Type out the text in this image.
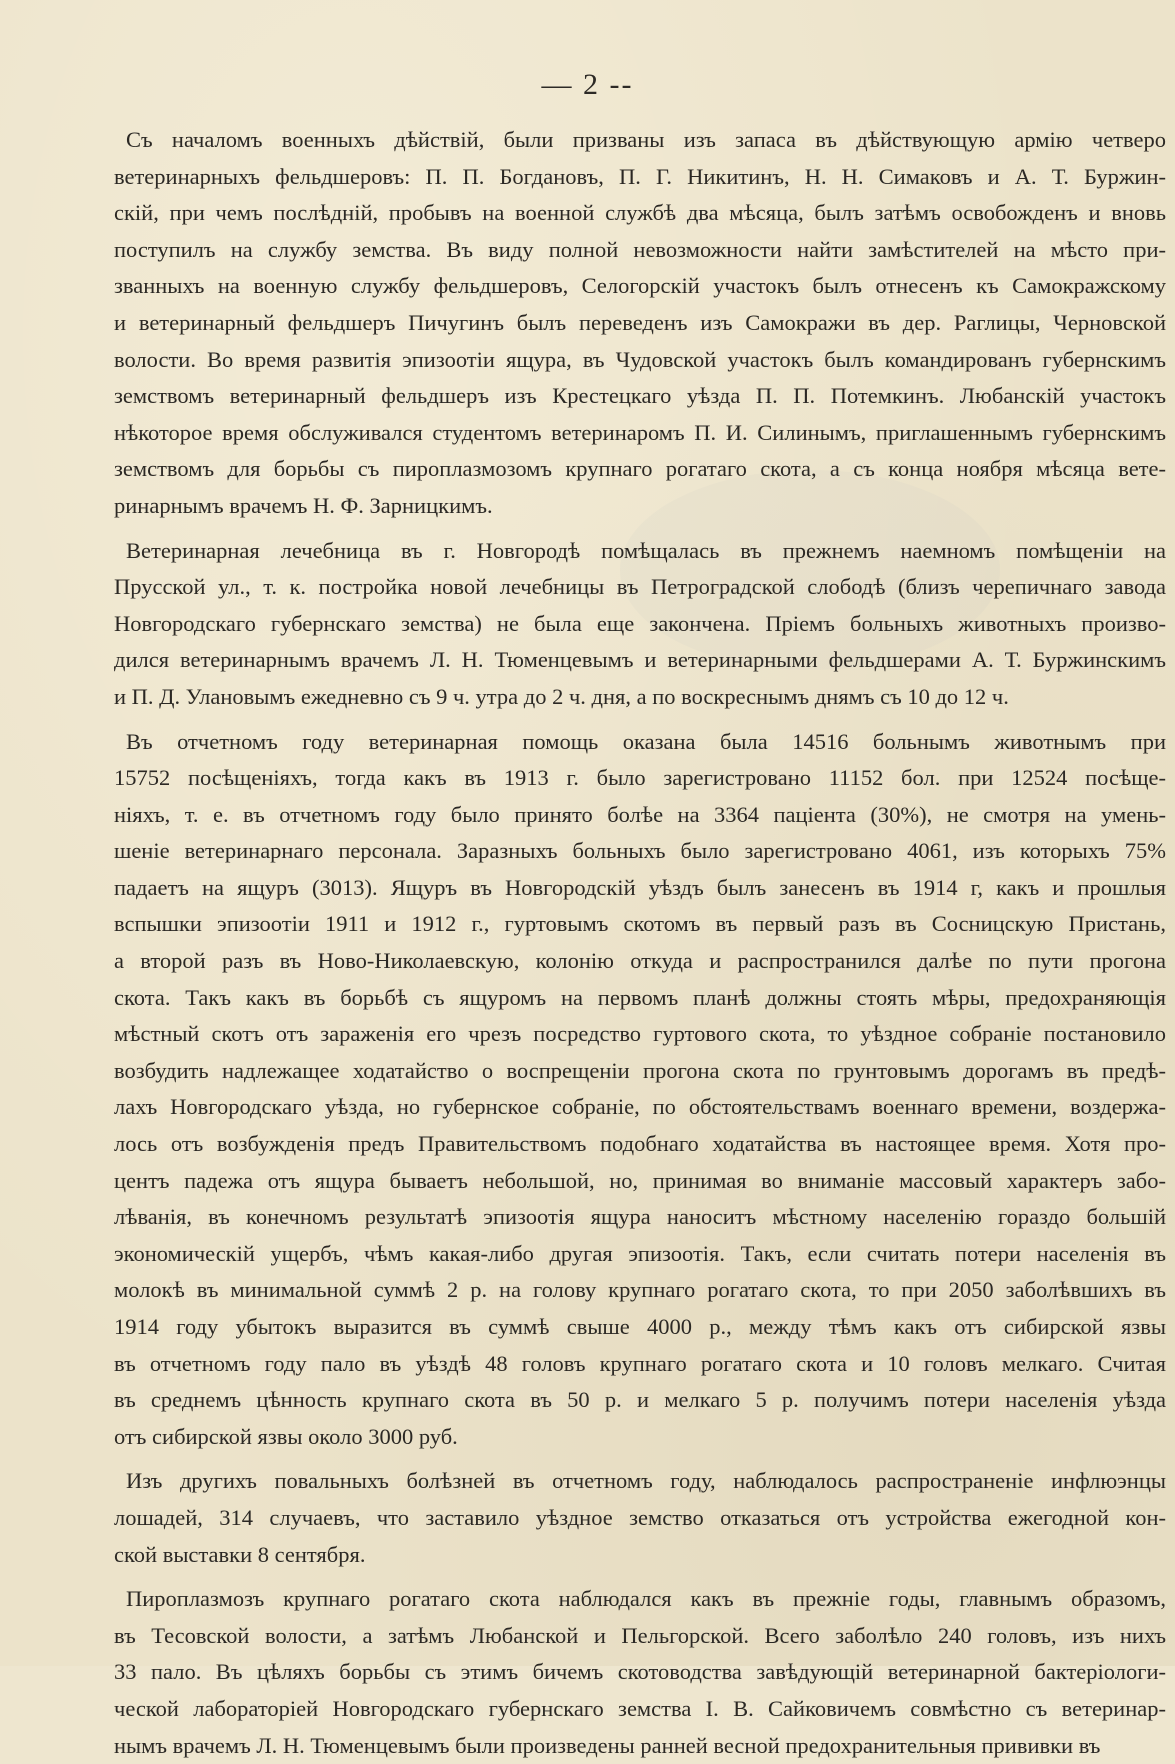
— 2 --

Съ началомъ военныхъ дѣйствій, были призваны изъ запаса въ дѣйствующую армію четверо
ветеринарныхъ фельдшеровъ: П. П. Богдановъ, П. Г. Никитинъ, Н. Н. Симаковъ и А. Т. Буржин-
скій, при чемъ послѣдній, пробывъ на военной службѣ два мѣсяца, былъ затѣмъ освобожденъ и вновь
поступилъ на службу земства. Въ виду полной невозможности найти замѣстителей на мѣсто при-
званныхъ на военную службу фельдшеровъ, Селогорскій участокъ былъ отнесенъ къ Самокражскому
и ветеринарный фельдшеръ Пичугинъ былъ переведенъ изъ Самокражи въ дер. Раглицы, Черновской
волости. Во время развитія эпизоотіи ящура, въ Чудовской участокъ былъ командированъ губернскимъ
земствомъ ветеринарный фельдшеръ изъ Крестецкаго уѣзда П. П. Потемкинъ. Любанскій участокъ
нѣкоторое время обслуживался студентомъ ветеринаромъ П. И. Силинымъ, приглашеннымъ губернскимъ
земствомъ для борьбы съ пироплазмозомъ крупнаго рогатаго скота, а съ конца ноября мѣсяца вете-
ринарнымъ врачемъ Н. Ф. Зарницкимъ.

Ветеринарная лечебница въ г. Новгородѣ помѣщалась въ прежнемъ наемномъ помѣщеніи на
Прусской ул., т. к. постройка новой лечебницы въ Петроградской слободѣ (близъ черепичнаго завода
Новгородскаго губернскаго земства) не была еще закончена. Пріемъ больныхъ животныхъ произво-
дился ветеринарнымъ врачемъ Л. Н. Тюменцевымъ и ветеринарными фельдшерами А. Т. Буржинскимъ
и П. Д. Улановымъ ежедневно съ 9 ч. утра до 2 ч. дня, а по воскреснымъ днямъ съ 10 до 12 ч.

Въ отчетномъ году ветеринарная помощь оказана была 14516 больнымъ животнымъ при
15752 посѣщеніяхъ, тогда какъ въ 1913 г. было зарегистровано 11152 бол. при 12524 посѣще-
ніяхъ, т. е. въ отчетномъ году было принято болѣе на 3364 паціента (30%), не смотря на умень-
шеніе ветеринарнаго персонала. Заразныхъ больныхъ было зарегистровано 4061, изъ которыхъ 75%
падаетъ на ящуръ (3013). Ящуръ въ Новгородскій уѣздъ былъ занесенъ въ 1914 г, какъ и прошлыя
вспышки эпизоотіи 1911 и 1912 г., гуртовымъ скотомъ въ первый разъ въ Сосницскую Пристань,
а второй разъ въ Ново-Николаевскую, колонію откуда и распространился далѣе по пути прогона
скота. Такъ какъ въ борьбѣ съ ящуромъ на первомъ планѣ должны стоять мѣры, предохраняющія
мѣстный скотъ отъ зараженія его чрезъ посредство гуртового скота, то уѣздное собраніе постановило
возбудить надлежащее ходатайство о воспрещеніи прогона скота по грунтовымъ дорогамъ въ предѣ-
лахъ Новгородскаго уѣзда, но губернское собраніе, по обстоятельствамъ военнаго времени, воздержа-
лось отъ возбужденія предъ Правительствомъ подобнаго ходатайства въ настоящее время. Хотя про-
центъ падежа отъ ящура бываетъ небольшой, но, принимая во вниманіе массовый характеръ забо-
лѣванія, въ конечномъ результатѣ эпизоотія ящура наноситъ мѣстному населенію гораздо большій
экономическій ущербъ, чѣмъ какая-либо другая эпизоотія. Такъ, если считать потери населенія въ
молокѣ въ минимальной суммѣ 2 р. на голову крупнаго рогатаго скота, то при 2050 заболѣвшихъ въ
1914 году убытокъ выразится въ суммѣ свыше 4000 р., между тѣмъ какъ отъ сибирской язвы
въ отчетномъ году пало въ уѣздѣ 48 головъ крупнаго рогатаго скота и 10 головъ мелкаго. Считая
въ среднемъ цѣнность крупнаго скота въ 50 р. и мелкаго 5 р. получимъ потери населенія уѣзда
отъ сибирской язвы около 3000 руб.

Изъ другихъ повальныхъ болѣзней въ отчетномъ году, наблюдалось распространеніе инфлюэнцы
лошадей, 314 случаевъ, что заставило уѣздное земство отказаться отъ устройства ежегодной кон-
ской выставки 8 сентября.

Пироплазмозъ крупнаго рогатаго скота наблюдался какъ въ прежніе годы, главнымъ образомъ,
въ Тесовской волости, а затѣмъ Любанской и Пельгорской. Всего заболѣло 240 головъ, изъ нихъ
33 пало. Въ цѣляхъ борьбы съ этимъ бичемъ скотоводства завѣдующій ветеринарной бактеріологи-
ческой лабораторіей Новгородскаго губернскаго земства І. В. Сайковичемъ совмѣстно съ ветеринар-
нымъ врачемъ Л. Н. Тюменцевымъ были произведены ранней весной предохранительныя прививки въ
